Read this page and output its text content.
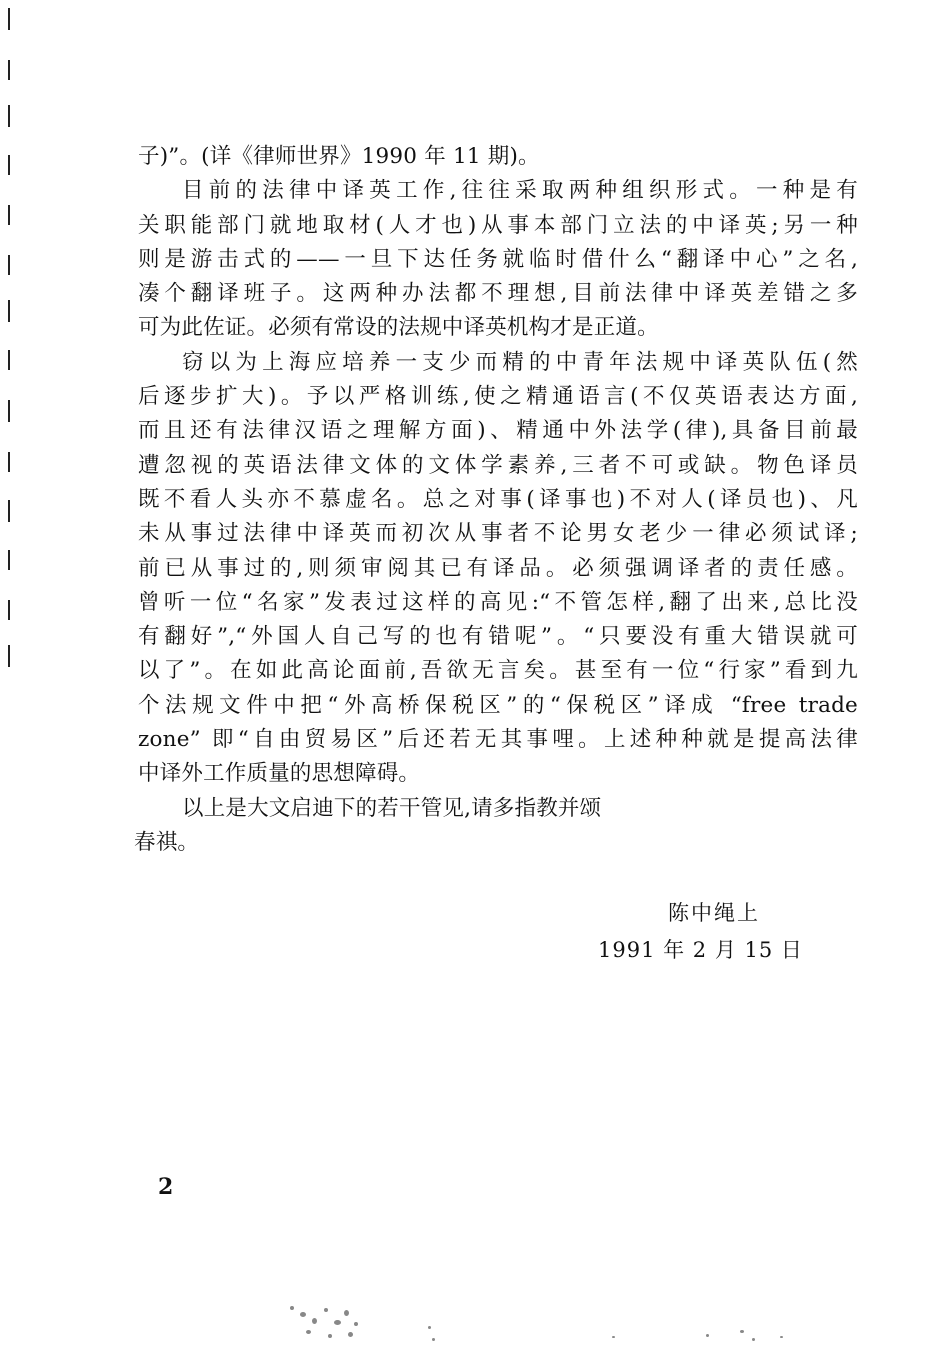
子)”。(详《律师世界》1990 年 11 期)。
目前的法律中译英工作,往往采取两种组织形式。一种是有
关职能部门就地取材(人才也)从事本部门立法的中译英;另一种
则是游击式的——一旦下达任务就临时借什么“翻译中心”之名,
凑个翻译班子。这两种办法都不理想,目前法律中译英差错之多
可为此佐证。必须有常设的法规中译英机构才是正道。
窃以为上海应培养一支少而精的中青年法规中译英队伍(然
后逐步扩大)。予以严格训练,使之精通语言(不仅英语表达方面,
而且还有法律汉语之理解方面)、精通中外法学(律),具备目前最
遭忽视的英语法律文体的文体学素养,三者不可或缺。物色译员
既不看人头亦不慕虚名。总之对事(译事也)不对人(译员也)、凡
未从事过法律中译英而初次从事者不论男女老少一律必须试译;
前已从事过的,则须审阅其已有译品。必须强调译者的责任感。
曾听一位“名家”发表过这样的高见:“不管怎样,翻了出来,总比没
有翻好”,“外国人自己写的也有错呢”。“只要没有重大错误就可
以了”。在如此高论面前,吾欲无言矣。甚至有一位“行家”看到九
个法规文件中把“外高桥保税区”的“保税区”译成 “free trade
zone” 即“自由贸易区”后还若无其事哩。上述种种就是提高法律
中译外工作质量的思想障碍。
以上是大文启迪下的若干管见,请多指教并颂
春祺。
陈中绳上
1991 年 2 月 15 日
2
